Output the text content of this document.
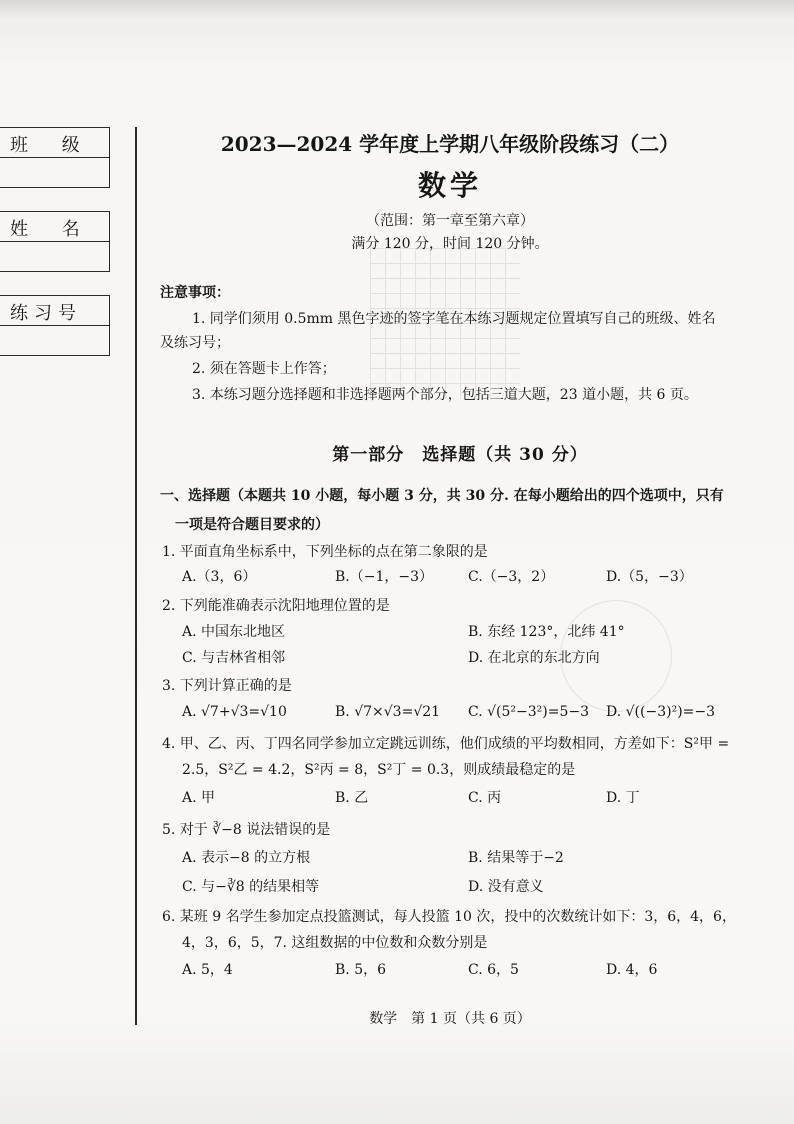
班 级
姓 名
练习号
2023—2024 学年度上学期八年级阶段练习（二）
数学
（范围：第一章至第六章）
满分 120 分，时间 120 分钟。
注意事项：
1. 同学们须用 0.5mm 黑色字迹的签字笔在本练习题规定位置填写自己的班级、姓名
及练习号；
2. 须在答题卡上作答；
3. 本练习题分选择题和非选择题两个部分，包括三道大题，23 道小题，共 6 页。
第一部分　选择题（共 30 分）
一、选择题（本题共 10 小题，每小题 3 分，共 30 分. 在每小题给出的四个选项中，只有
一项是符合题目要求的）
1. 平面直角坐标系中，下列坐标的点在第二象限的是
A.（3，6）	B.（−1，−3） C.（−3，2）	D.（5，−3）
2. 下列能准确表示沈阳地理位置的是
A. 中国东北地区	B. 东经 123°，北纬 41°
C. 与吉林省相邻	D. 在北京的东北方向
3. 下列计算正确的是
A. √7+√3=√10	B. √7×√3=√21 C. √(5²−3²)=5−3 D. √((−3)²)=−3
4. 甲、乙、丙、丁四名同学参加立定跳远训练，他们成绩的平均数相同，方差如下：S²甲 =
2.5，S²乙 = 4.2，S²丙 = 8，S²丁 = 0.3，则成绩最稳定的是
A. 甲	B. 乙	C. 丙	D. 丁
5. 对于 ∛−8 说法错误的是
A. 表示−8 的立方根	B. 结果等于−2
C. 与−∛8 的结果相等	D. 没有意义
6. 某班 9 名学生参加定点投篮测试，每人投篮 10 次，投中的次数统计如下：3，6，4，6，
4，3，6，5，7. 这组数据的中位数和众数分别是
A. 5，4	B. 5，6	C. 6，5	D. 4，6
数学　第 1 页（共 6 页）
